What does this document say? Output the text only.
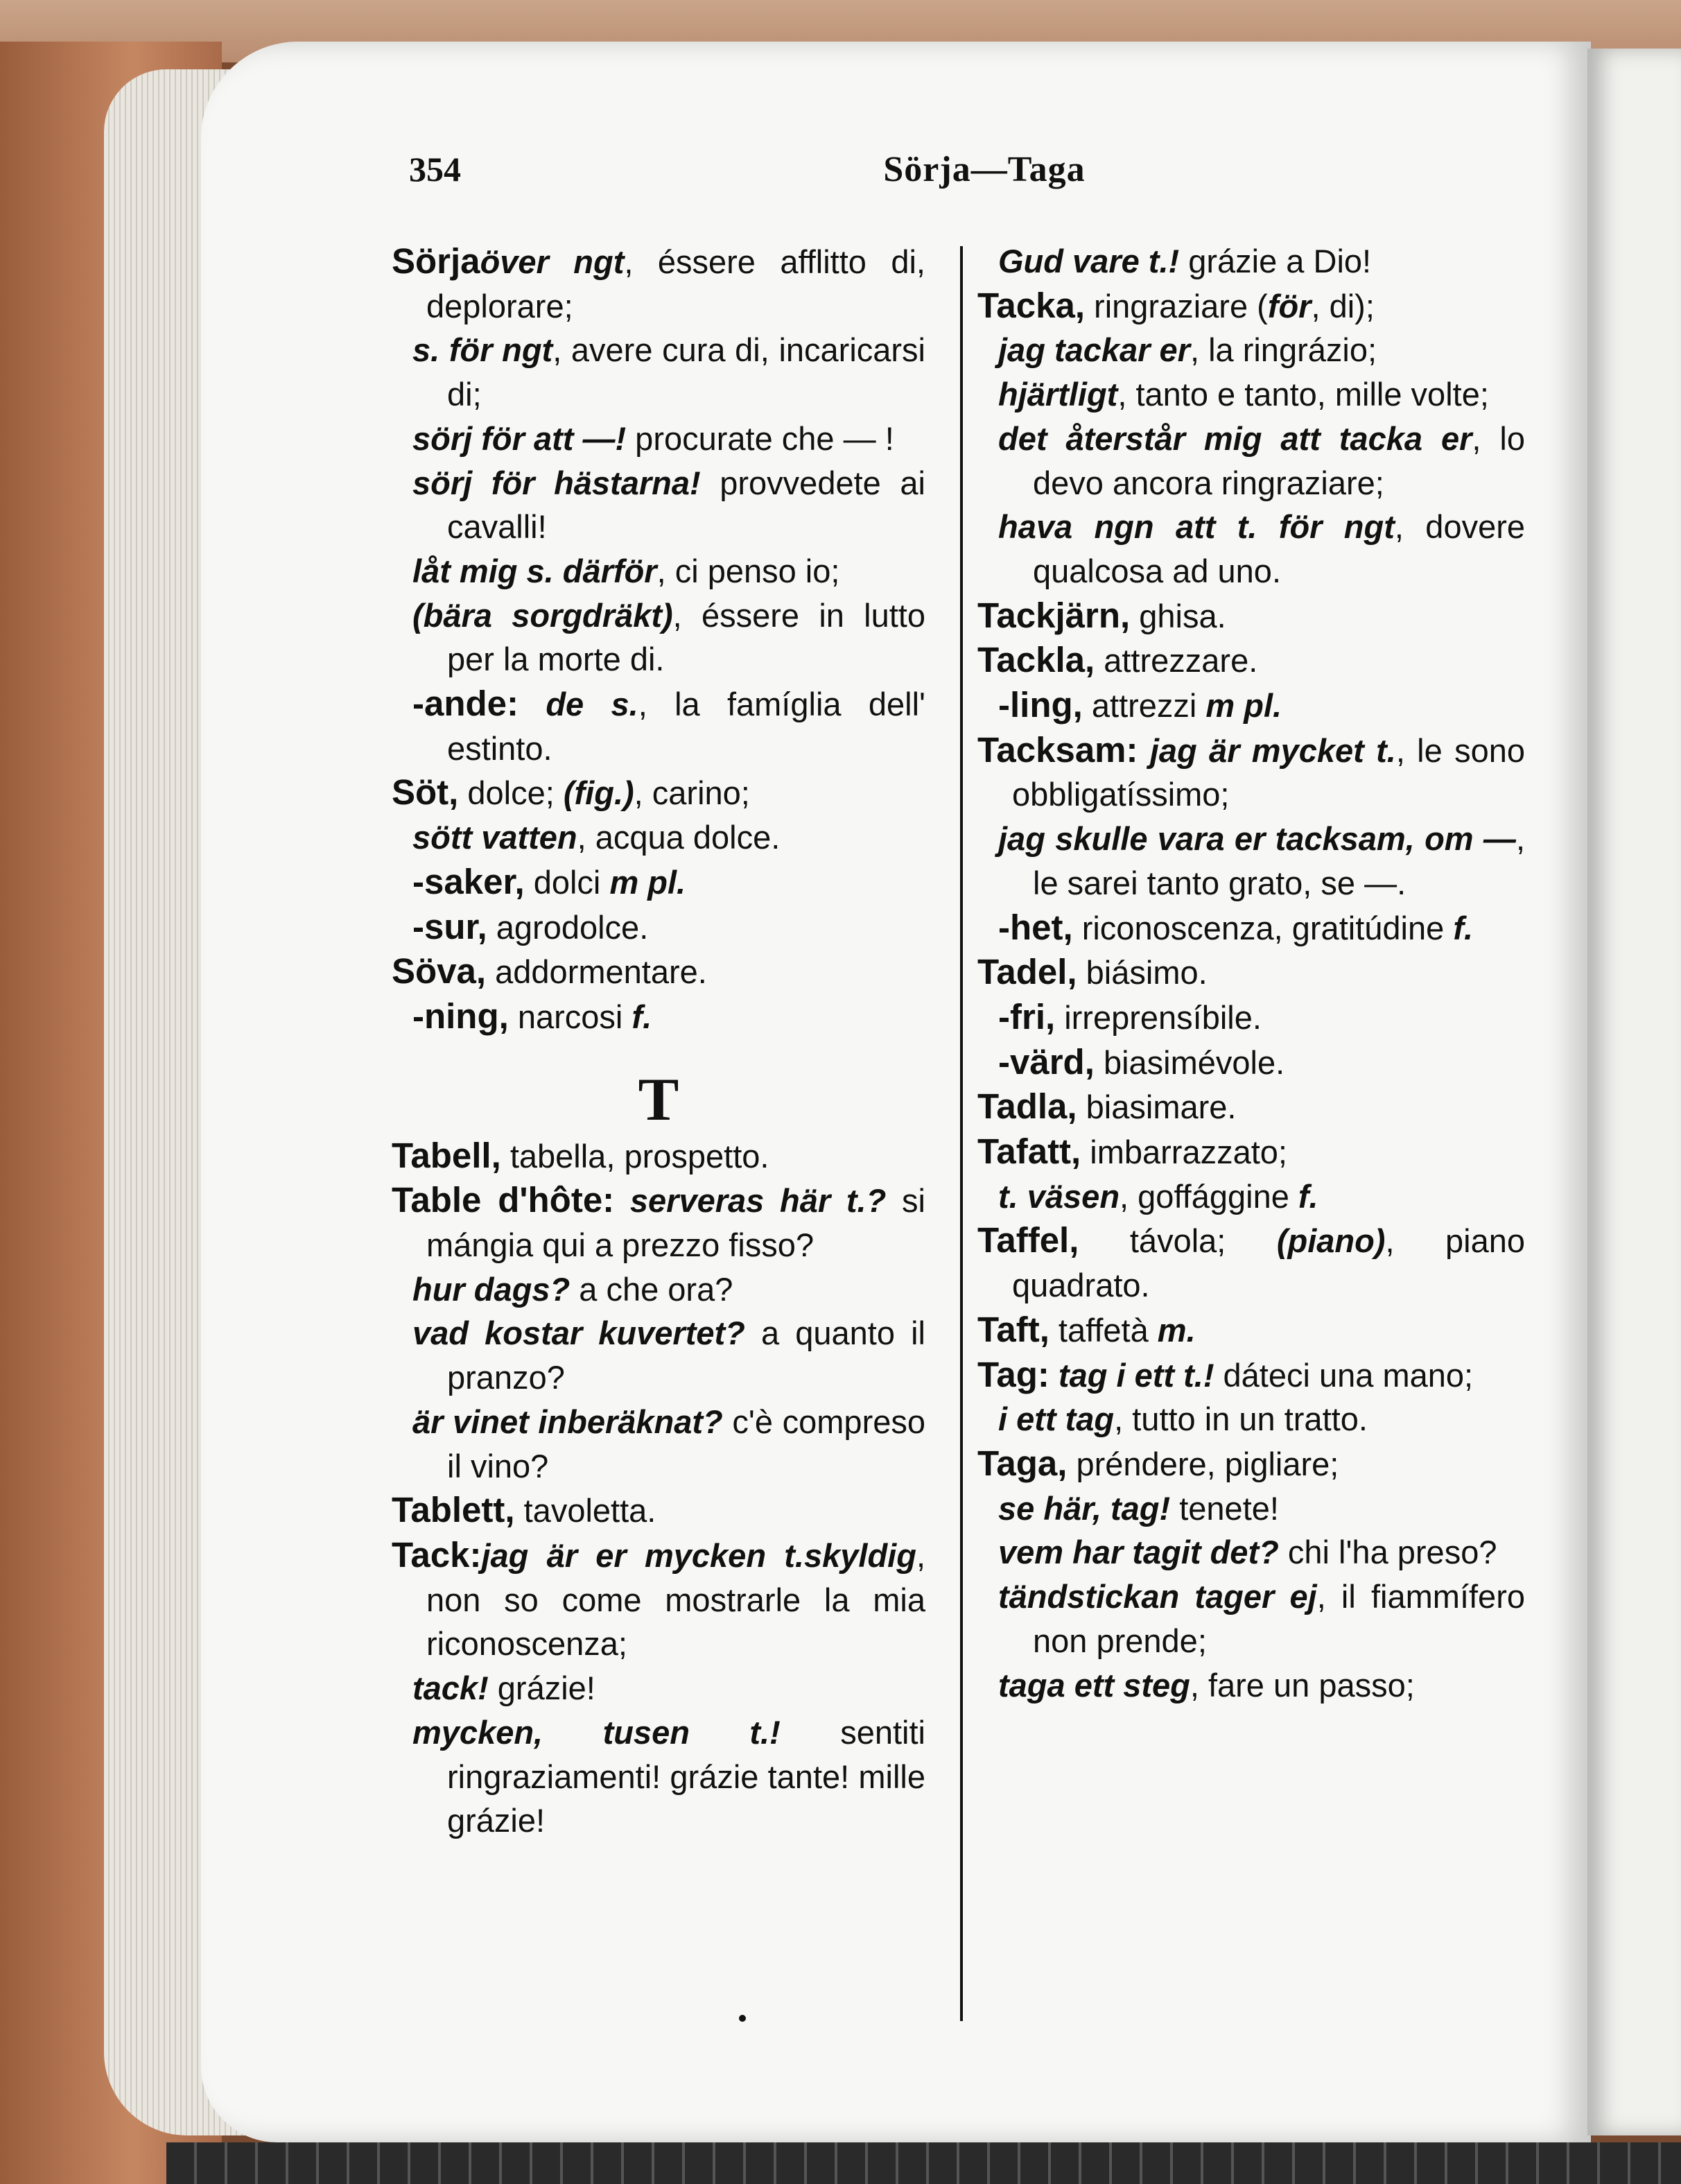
354	Sörja—Taga

Sörjaöver ngt, éssere afflitto di, deplorare;

s. för ngt, avere cura di, incaricarsi di;

sörj för att —! procurate che — !

sörj för hästarna! provvedete ai cavalli!

låt mig s. därför, ci penso io;

(bära sorgdräkt), éssere in lutto per la morte di.

-ande: de s., la famíglia dell' estinto.

Söt, dolce; (fig.), carino;

sött vatten, acqua dolce.

-saker, dolci m pl.

-sur, agrodolce.

Söva, addormentare.

-ning, narcosi f.

T

Tabell, tabella, prospetto.

Table d'hôte: serveras här t.? si mángia qui a prezzo fisso?

hur dags? a che ora?

vad kostar kuvertet? a quanto il pranzo?

är vinet inberäknat? c'è compreso il vino?

Tablett, tavoletta.

Tack:jag är er mycken t.skyldig, non so come mostrarle la mia riconoscenza;

tack! grázie!

mycken, tusen t.! sentiti ringraziamenti! grázie tante! mille grázie!

Gud vare t.! grázie a Dio!

Tacka, ringraziare (för, di);

jag tackar er, la ringrázio;

hjärtligt, tanto e tanto, mille volte;

det återstår mig att tacka er, lo devo ancora ringraziare;

hava ngn att t. för ngt, dovere qualcosa ad uno.

Tackjärn, ghisa.

Tackla, attrezzare.

-ling, attrezzi m pl.

Tacksam: jag är mycket t., le sono obbligatíssimo;

jag skulle vara er tacksam, om —, le sarei tanto grato, se —.

-het, riconoscenza, gratitúdine f.

Tadel, biásimo.

-fri, irreprensíbile.

-värd, biasimévole.

Tadla, biasimare.

Tafatt, imbarrazzato;

t. väsen, goffággine f.

Taffel, távola; (piano), piano quadrato.

Taft, taffetà m.

Tag: tag i ett t.! dáteci una mano;

i ett tag, tutto in un tratto.

Taga, préndere, pigliare;

se här, tag! tenete!

vem har tagit det? chi l'ha preso?

tändstickan tager ej, il fiammífero non prende;

taga ett steg, fare un passo;
